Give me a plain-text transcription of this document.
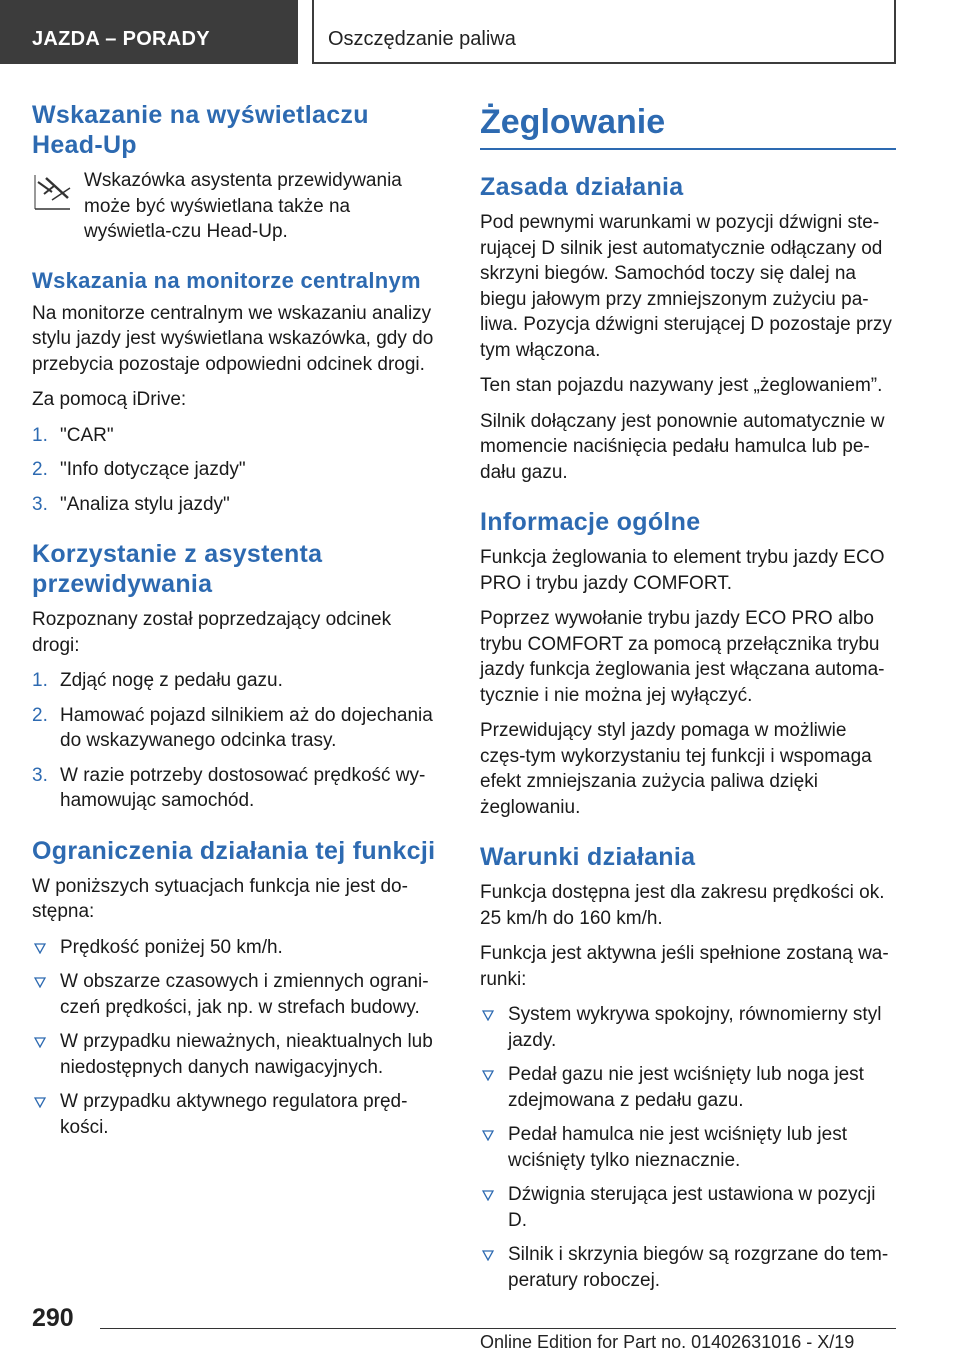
JAZDA – PORADY	Oszczędzanie paliwa
Wskazanie na wyświetlaczu Head-Up
Wskazówka asystenta przewidywania może być wyświetlana także na wyświetla-czu Head-Up.
Wskazania na monitorze centralnym

Na monitorze centralnym we wskazaniu analizy stylu jazdy jest wyświetlana wskazówka, gdy do przebycia pozostaje odpowiedni odcinek drogi.

Za pomocą iDrive:

1. "CAR"
2. "Info dotyczące jazdy"
3. "Analiza stylu jazdy"
Korzystanie z asystenta przewidywania

Rozpoznany został poprzedzający odcinek drogi:

1. Zdjąć nogę z pedału gazu.
2. Hamować pojazd silnikiem aż do dojechania do wskazywanego odcinka trasy.
3. W razie potrzeby dostosować prędkość wy-hamowując samochód.
Ograniczenia działania tej funkcji

W poniższych sytuacjach funkcja nie jest do-stępna:

Prędkość poniżej 50 km/h.
W obszarze czasowych i zmiennych ograni-czeń prędkości, jak np. w strefach budowy.
W przypadku nieważnych, nieaktualnych lub niedostępnych danych nawigacyjnych.
W przypadku aktywnego regulatora pręd-kości.
Żeglowanie
Zasada działania

Pod pewnymi warunkami w pozycji dźwigni ste-rującej D silnik jest automatycznie odłączany od skrzyni biegów. Samochód toczy się dalej na biegu jałowym przy zmniejszonym zużyciu pa-liwa. Pozycja dźwigni sterującej D pozostaje przy tym włączona.

Ten stan pojazdu nazywany jest „żeglowaniem”.

Silnik dołączany jest ponownie automatycznie w momencie naciśnięcia pedału hamulca lub pe-dału gazu.

Informacje ogólne

Funkcja żeglowania to element trybu jazdy ECO PRO i trybu jazdy COMFORT.

Poprzez wywołanie trybu jazdy ECO PRO albo trybu COMFORT za pomocą przełącznika trybu jazdy funkcja żeglowania jest włączana automa-tycznie i nie można jej wyłączyć.

Przewidujący styl jazdy pomaga w możliwie częs-tym wykorzystaniu tej funkcji i wspomaga efekt zmniejszania zużycia paliwa dzięki żeglowaniu.

Warunki działania

Funkcja dostępna jest dla zakresu prędkości ok. 25 km/h do 160 km/h.

Funkcja jest aktywna jeśli spełnione zostaną wa-runki:

System wykrywa spokojny, równomierny styl jazdy.
Pedał gazu nie jest wciśnięty lub noga jest zdejmowana z pedału gazu.
Pedał hamulca nie jest wciśnięty lub jest wciśnięty tylko nieznacznie.
Dźwignia sterująca jest ustawiona w pozycji D.
Silnik i skrzynia biegów są rozgrzane do tem-peratury roboczej.
290
Online Edition for Part no. 01402631016 - X/19
